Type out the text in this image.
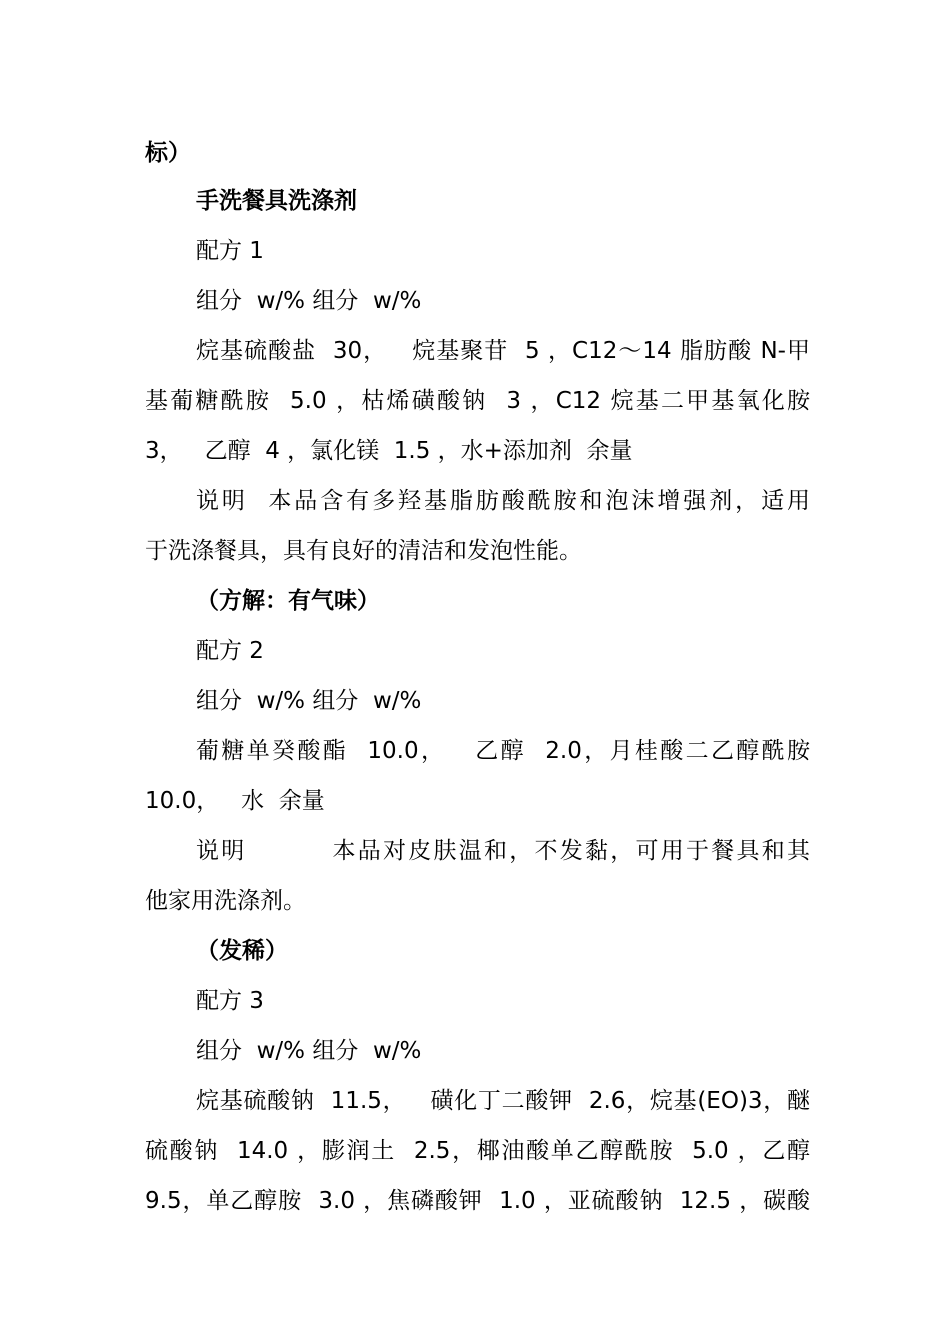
标）
手洗餐具洗涤剂
配方 1
组分  w/% 组分  w/%
烷基硫酸盐  30，   烷基聚苷  5 ，C12～14 脂肪酸 N-甲
基葡糖酰胺  5.0 ，枯烯磺酸钠  3 ，C12 烷基二甲基氧化胺
3，   乙醇  4 ，氯化镁  1.5 ，水+添加剂  余量
说明  本品含有多羟基脂肪酸酰胺和泡沫增强剂，适用
于洗涤餐具，具有良好的清洁和发泡性能。
（方解：有气味）
配方 2
组分  w/% 组分  w/%
葡糖单癸酸酯  10.0，   乙醇  2.0，月桂酸二乙醇酰胺
10.0，   水  余量
说明         本品对皮肤温和，不发黏，可用于餐具和其
他家用洗涤剂。
（发稀）
配方 3
组分  w/% 组分  w/%
烷基硫酸钠  11.5，   磺化丁二酸钾  2.6，烷基(EO)3，醚
硫酸钠  14.0 ，膨润土  2.5，椰油酸单乙醇酰胺  5.0 ，乙醇
9.5，单乙醇胺  3.0 ，焦磷酸钾  1.0 ，亚硫酸钠  12.5 ，碳酸
